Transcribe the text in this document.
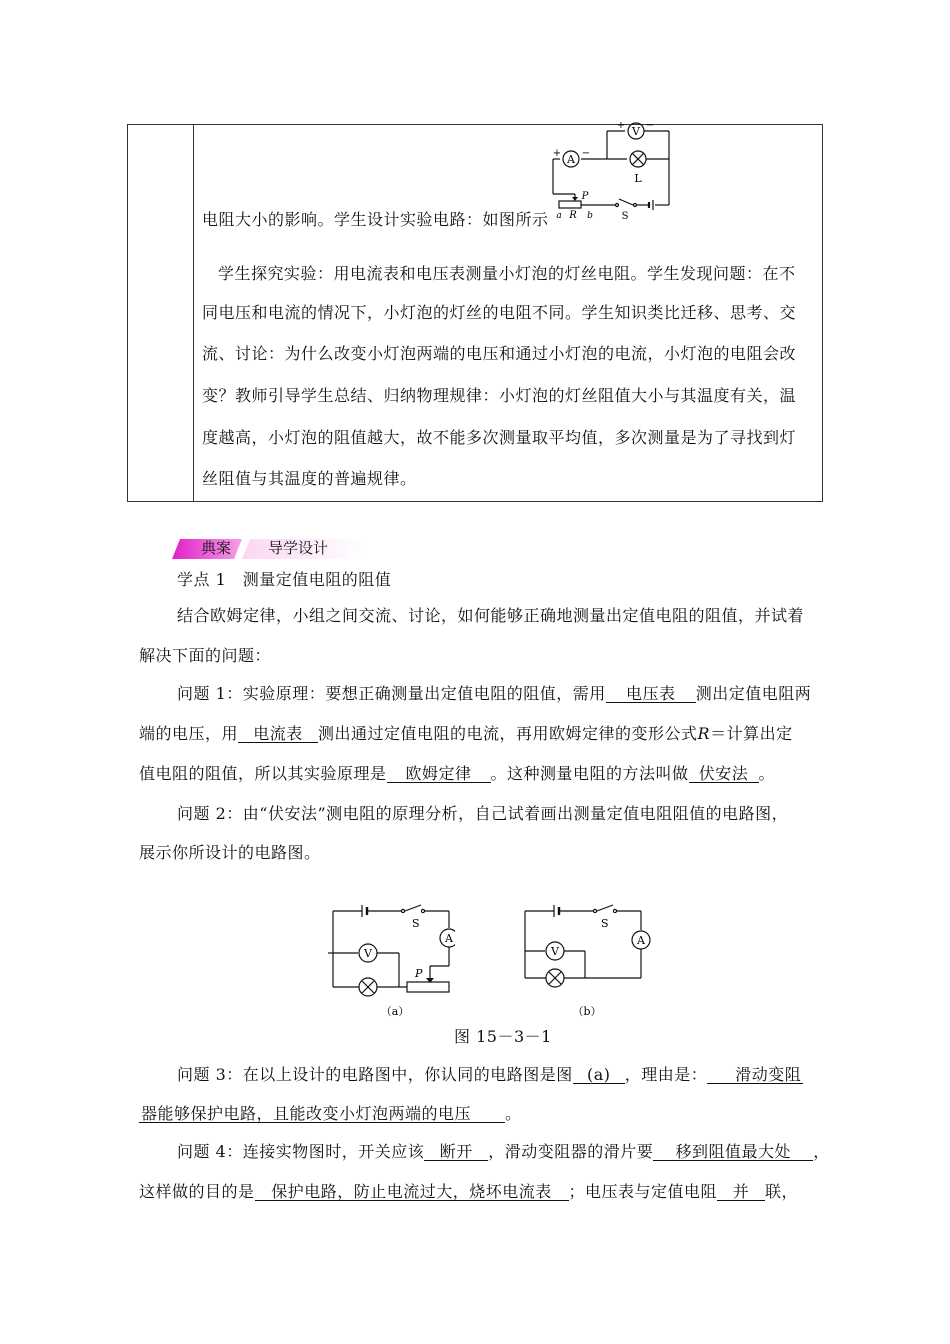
V
A
+ −
+ −
L
P
a R b	S
电阻大小的影响。学生设计实验电路：如图所示
学生探究实验：用电流表和电压表测量小灯泡的灯丝电阻。学生发现问题：在不
同电压和电流的情况下，小灯泡的灯丝的电阻不同。学生知识类比迁移、思考、交
流、讨论：为什么改变小灯泡两端的电压和通过小灯泡的电流，小灯泡的电阻会改
变？教师引导学生总结、归纳物理规律：小灯泡的灯丝阻值大小与其温度有关，温
度越高，小灯泡的阻值越大，故不能多次测量取平均值，多次测量是为了寻找到灯
丝阻值与其温度的普遍规律。
典案 导学设计
学点 1　测量定值电阻的阻值
结合欧姆定律，小组之间交流、讨论，如何能够正确地测量出定值电阻的阻值，并试着
解决下面的问题：
问题 1：实验原理：要想正确测量出定值电阻的阻值，需用 电压表 测出定值电阻两
端的电压，用 电流表 测出通过定值电阻的电流，再用欧姆定律的变形公式R＝计算出定
值电阻的阻值，所以其实验原理是 欧姆定律 。这种测量电阻的方法叫做 伏安法 。
问题 2：由“伏安法”测电阻的原理分析，自己试着画出测量定值电阻阻值的电路图，
展示你所设计的电路图。
S
A
V
P
（a）
S
A
V
（b）
图 15－3－1
问题 3：在以上设计的电路图中，你认同的电路图是图 (a) ，理由是： 滑动变阻
器能够保护电路，且能改变小灯泡两端的电压 。
问题 4：连接实物图时，开关应该 断开 ，滑动变阻器的滑片要 移到阻值最大处 ，
这样做的目的是 保护电路，防止电流过大，烧坏电流表 ；电压表与定值电阻 并 联，
